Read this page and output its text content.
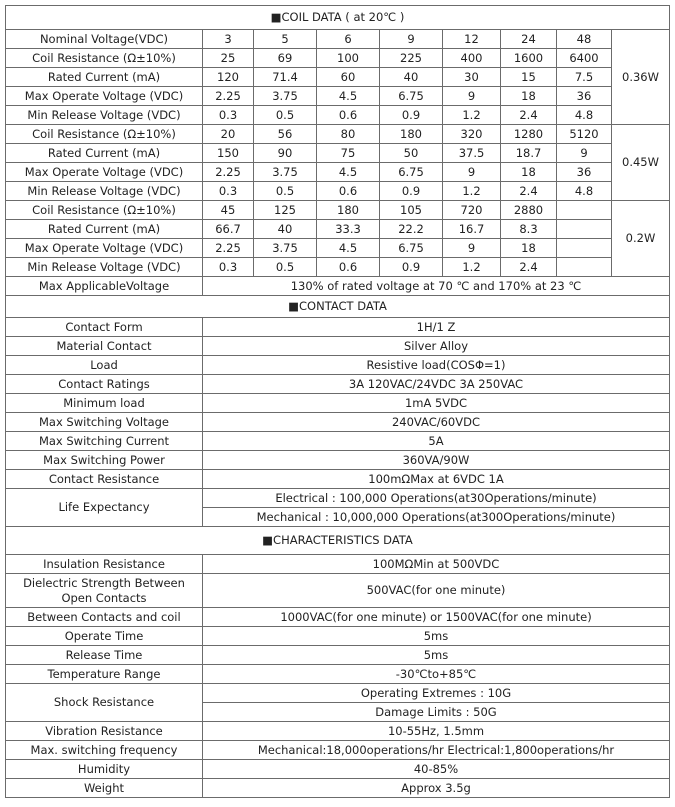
■COIL DATA ( at 20℃ )								
Nominal Voltage(VDC)	3	5	6	9	12	24	48	0.36W
Coil Resistance (Ω±10%)	25	69	100	225	400	1600	6400	
Rated Current (mA)	120	71.4	60	40	30	15	7.5	
Max Operate Voltage (VDC)	2.25	3.75	4.5	6.75	9	18	36	
Min Release Voltage (VDC)	0.3	0.5	0.6	0.9	1.2	2.4	4.8	
Coil Resistance (Ω±10%)	20	56	80	180	320	1280	5120	0.45W
Rated Current (mA)	150	90	75	50	37.5	18.7	9	
Max Operate Voltage (VDC)	2.25	3.75	4.5	6.75	9	18	36	
Min Release Voltage (VDC)	0.3	0.5	0.6	0.9	1.2	2.4	4.8	
Coil Resistance (Ω±10%)	45	125	180	105	720	2880		0.2W
Rated Current (mA)	66.7	40	33.3	22.2	16.7	8.3		
Max Operate Voltage (VDC)	2.25	3.75	4.5	6.75	9	18		
Min Release Voltage (VDC)	0.3	0.5	0.6	0.9	1.2	2.4		
Max ApplicableVoltage	130% of rated voltage at 70 ℃ and 170% at 23 ℃							
■CONTACT DATA								
Contact Form	1H/1 Z							
Material Contact	Silver Alloy							
Load	Resistive load(COSΦ=1)							
Contact Ratings	3A 120VAC/24VDC 3A 250VAC							
Minimum load	1mA 5VDC							
Max Switching Voltage	240VAC/60VDC							
Max Switching Current	5A							
Max Switching Power	360VA/90W							
Contact Resistance	100mΩMax at 6VDC 1A							
Life Expectancy	Electrical : 100,000 Operations(at30Operations/minute)							
	Mechanical : 10,000,000 Operations(at300Operations/minute)							
■CHARACTERISTICS DATA								
Insulation Resistance	100MΩMin at 500VDC							
Dielectric Strength Between Open Contacts	500VAC(for one minute)							
Between Contacts and coil	1000VAC(for one minute) or 1500VAC(for one minute)							
Operate Time	5ms							
Release Time	5ms							
Temperature Range	-30℃to+85℃							
Shock Resistance	Operating Extremes : 10G							
	Damage Limits : 50G							
Vibration Resistance	10-55Hz, 1.5mm							
Max. switching frequency	Mechanical:18,000operations/hr Electrical:1,800operations/hr							
Humidity	40-85%							
Weight	Approx 3.5g							
